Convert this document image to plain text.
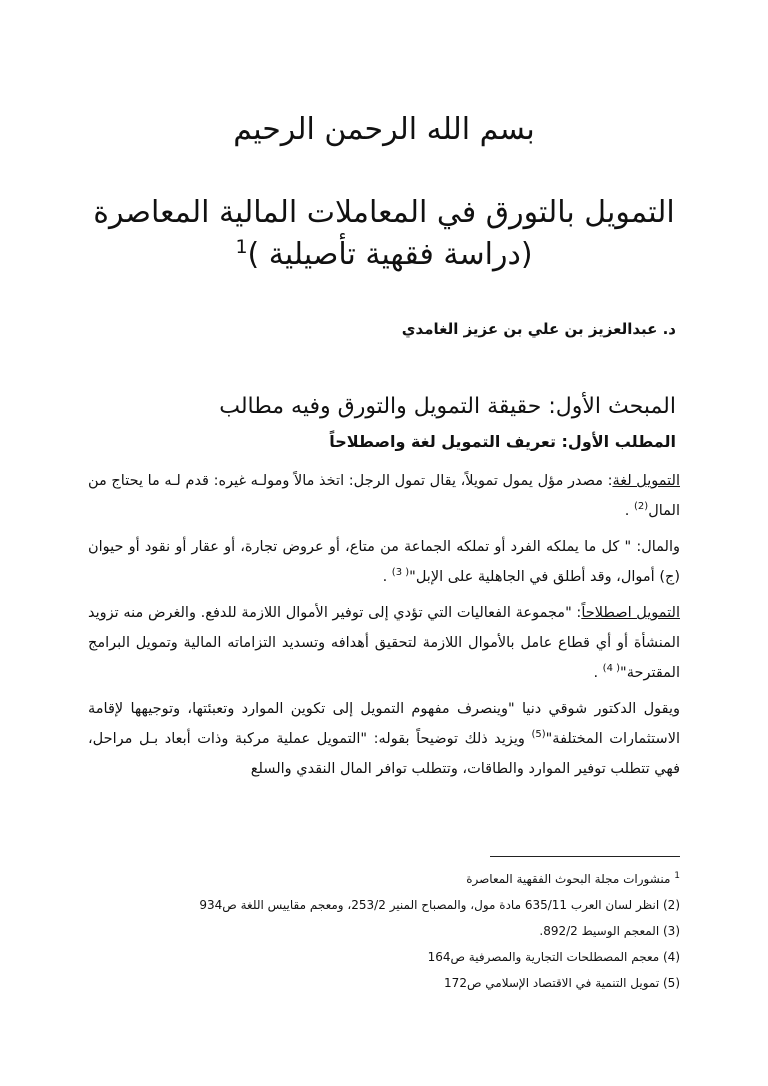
بسم الله الرحمن الرحيم
التمويل بالتورق في المعاملات المالية المعاصرة
(دراسة فقهية تأصيلية )$^1$
د. عبدالعزيز بن علي بن عزيز الغامدي
المبحث الأول: حقيقة التمويل والتورق وفيه مطالب
المطلب الأول: تعريف التمويل لغة واصطلاحاً

التمويل لغة: مصدر مؤل يمول تمويلاً، يقال تمول الرجل: اتخذ مالاً ومولـه غيره: قدم لـه ما يحتاج من المال$^{(2)}$ .

والمال: " كل ما يملكه الفرد أو تملكه الجماعة من متاع، أو عروض تجارة، أو عقار أو نقود أو حيوان (ج) أموال، وقد أطلق في الجاهلية على الإبل"$^{( 3)}$ .

التمويل اصطلاحاً: "مجموعة الفعاليات التي تؤدي إلى توفير الأموال اللازمة للدفع. والغرض منه تزويد المنشأة أو أي قطاع عامل بالأموال اللازمة لتحقيق أهدافه وتسديد التزاماته المالية وتمويل البرامج المقترحة"$^{( 4)}$ .

ويقول الدكتور شوقي دنيا "وينصرف مفهوم التمويل إلى تكوين الموارد وتعبئتها، وتوجيهها لإقامة الاستثمارات المختلفة"$^{(5)}$ ويزيد ذلك توضيحاً بقوله: "التمويل عملية مركبة وذات أبعاد بـل مراحل، فهي تتطلب توفير الموارد والطاقات، وتتطلب توافر المال النقدي والسلع

$^1$ منشورات مجلة البحوث الفقهية المعاصرة
(2) انظر لسان العرب 635/11 مادة مول، والمصباح المنير 253/2، ومعجم مقاييس اللغة ص934
(3) المعجم الوسيط 892/2.
(4) معجم المصطلحات التجارية والمصرفية ص164
(5) تمويل التنمية في الاقتصاد الإسلامي ص172
